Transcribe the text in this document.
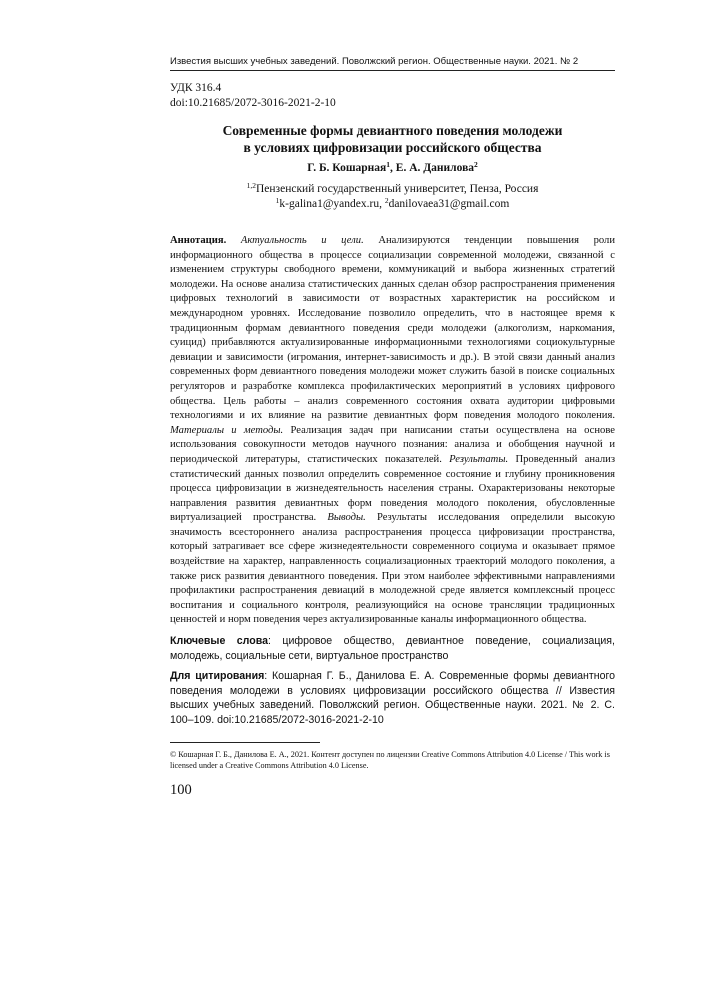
Известия высших учебных заведений. Поволжский регион. Общественные науки. 2021. № 2
УДК 316.4
doi:10.21685/2072-3016-2021-2-10
Современные формы девиантного поведения молодежи
в условиях цифровизации российского общества
Г. Б. Кошарная$^1$, Е. А. Данилова$^2$
$^{1,2}$Пензенский государственный университет, Пенза, Россия
$^1$k-galina1@yandex.ru, $^2$danilovaea31@gmail.com
Аннотация. Актуальность и цели. Анализируются тенденции повышения роли информационного общества в процессе социализации современной молодежи, связанной с изменением структуры свободного времени, коммуникаций и выбора жизненных стратегий молодежи. На основе анализа статистических данных сделан обзор распространения применения цифровых технологий в зависимости от возрастных характеристик на российском и международном уровнях. Исследование позволило определить, что в настоящее время к традиционным формам девиантного поведения среди молодежи (алкоголизм, наркомания, суицид) прибавляются актуализированные информационными технологиями социокультурные девиации и зависимости (игромания, интернет-зависимость и др.). В этой связи данный анализ современных форм девиантного поведения молодежи может служить базой в поиске социальных регуляторов и разработке комплекса профилактических мероприятий в условиях цифрового общества. Цель работы – анализ современного состояния охвата аудитории цифровыми технологиями и их влияние на развитие девиантных форм поведения молодого поколения. Материалы и методы. Реализация задач при написании статьи осуществлена на основе использования совокупности методов научного познания: анализа и обобщения научной и периодической литературы, статистических показателей. Результаты. Проведенный анализ статистический данных позволил определить современное состояние и глубину проникновения процесса цифровизации в жизнедеятельность населения страны. Охарактеризованы некоторые направления развития девиантных форм поведения молодого поколения, обусловленные виртуализацией пространства. Выводы. Результаты исследования определили высокую значимость всестороннего анализа распространения процесса цифровизации пространства, который затрагивает все сфере жизнедеятельности современного социума и оказывает прямое воздействие на характер, направленность социализационных траекторий молодого поколения, а также риск развития девиантного поведения. При этом наиболее эффективными направлениями профилактики распространения девиаций в молодежной среде является комплексный процесс воспитания и социального контроля, реализующийся на основе трансляции традиционных ценностей и норм поведения через актуализированные каналы информационного общества.
Ключевые слова: цифровое общество, девиантное поведение, социализация, молодежь, социальные сети, виртуальное пространство
Для цитирования: Кошарная Г. Б., Данилова Е. А. Современные формы девиантного поведения молодежи в условиях цифровизации российского общества // Известия высших учебных заведений. Поволжский регион. Общественные науки. 2021. № 2. С. 100–109. doi:10.21685/2072-3016-2021-2-10
© Кошарная Г. Б., Данилова Е. А., 2021. Контент доступен по лицензии Creative Commons Attribution 4.0 License / This work is licensed under a Creative Commons Attribution 4.0 License.
100
